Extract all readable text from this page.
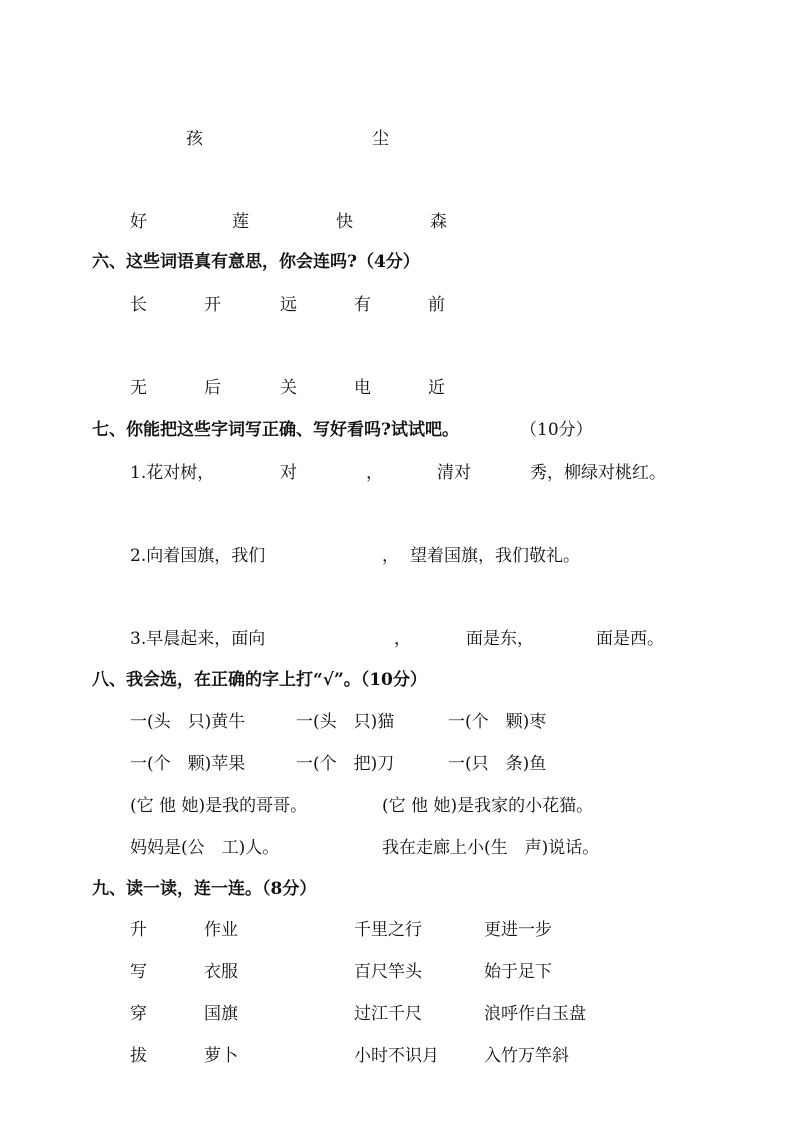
孩	尘
好	莲	快	森
六、这些词语真有意思，你会连吗?（4分）
长	开	远	有	前
无	后	关	电	近
七、你能把这些字词写正确、写好看吗?试试吧。	（10分）
1.花对树，	对	，	清对	秀，柳绿对桃红。
2.向着国旗，我们	， 望着国旗，我们敬礼。
3.早晨起来，面向	，	面是东，	面是西。
八、我会选，在正确的字上打“√”。（10分）
一(头　只)黄牛	一(头　只)猫	一(个　颗)枣
一(个　颗)苹果	一(个　把)刀	一(只　条)鱼
(它 他 她)是我的哥哥。	(它 他 她)是我家的小花猫。
妈妈是(公　工)人。	我在走廊上小(生　声)说话。
九、读一读，连一连。（8分）
升	作业	千里之行	更进一步
写	衣服	百尺竿头	始于足下
穿	国旗	过江千尺	浪呼作白玉盘
拔	萝卜	小时不识月	入竹万竿斜
